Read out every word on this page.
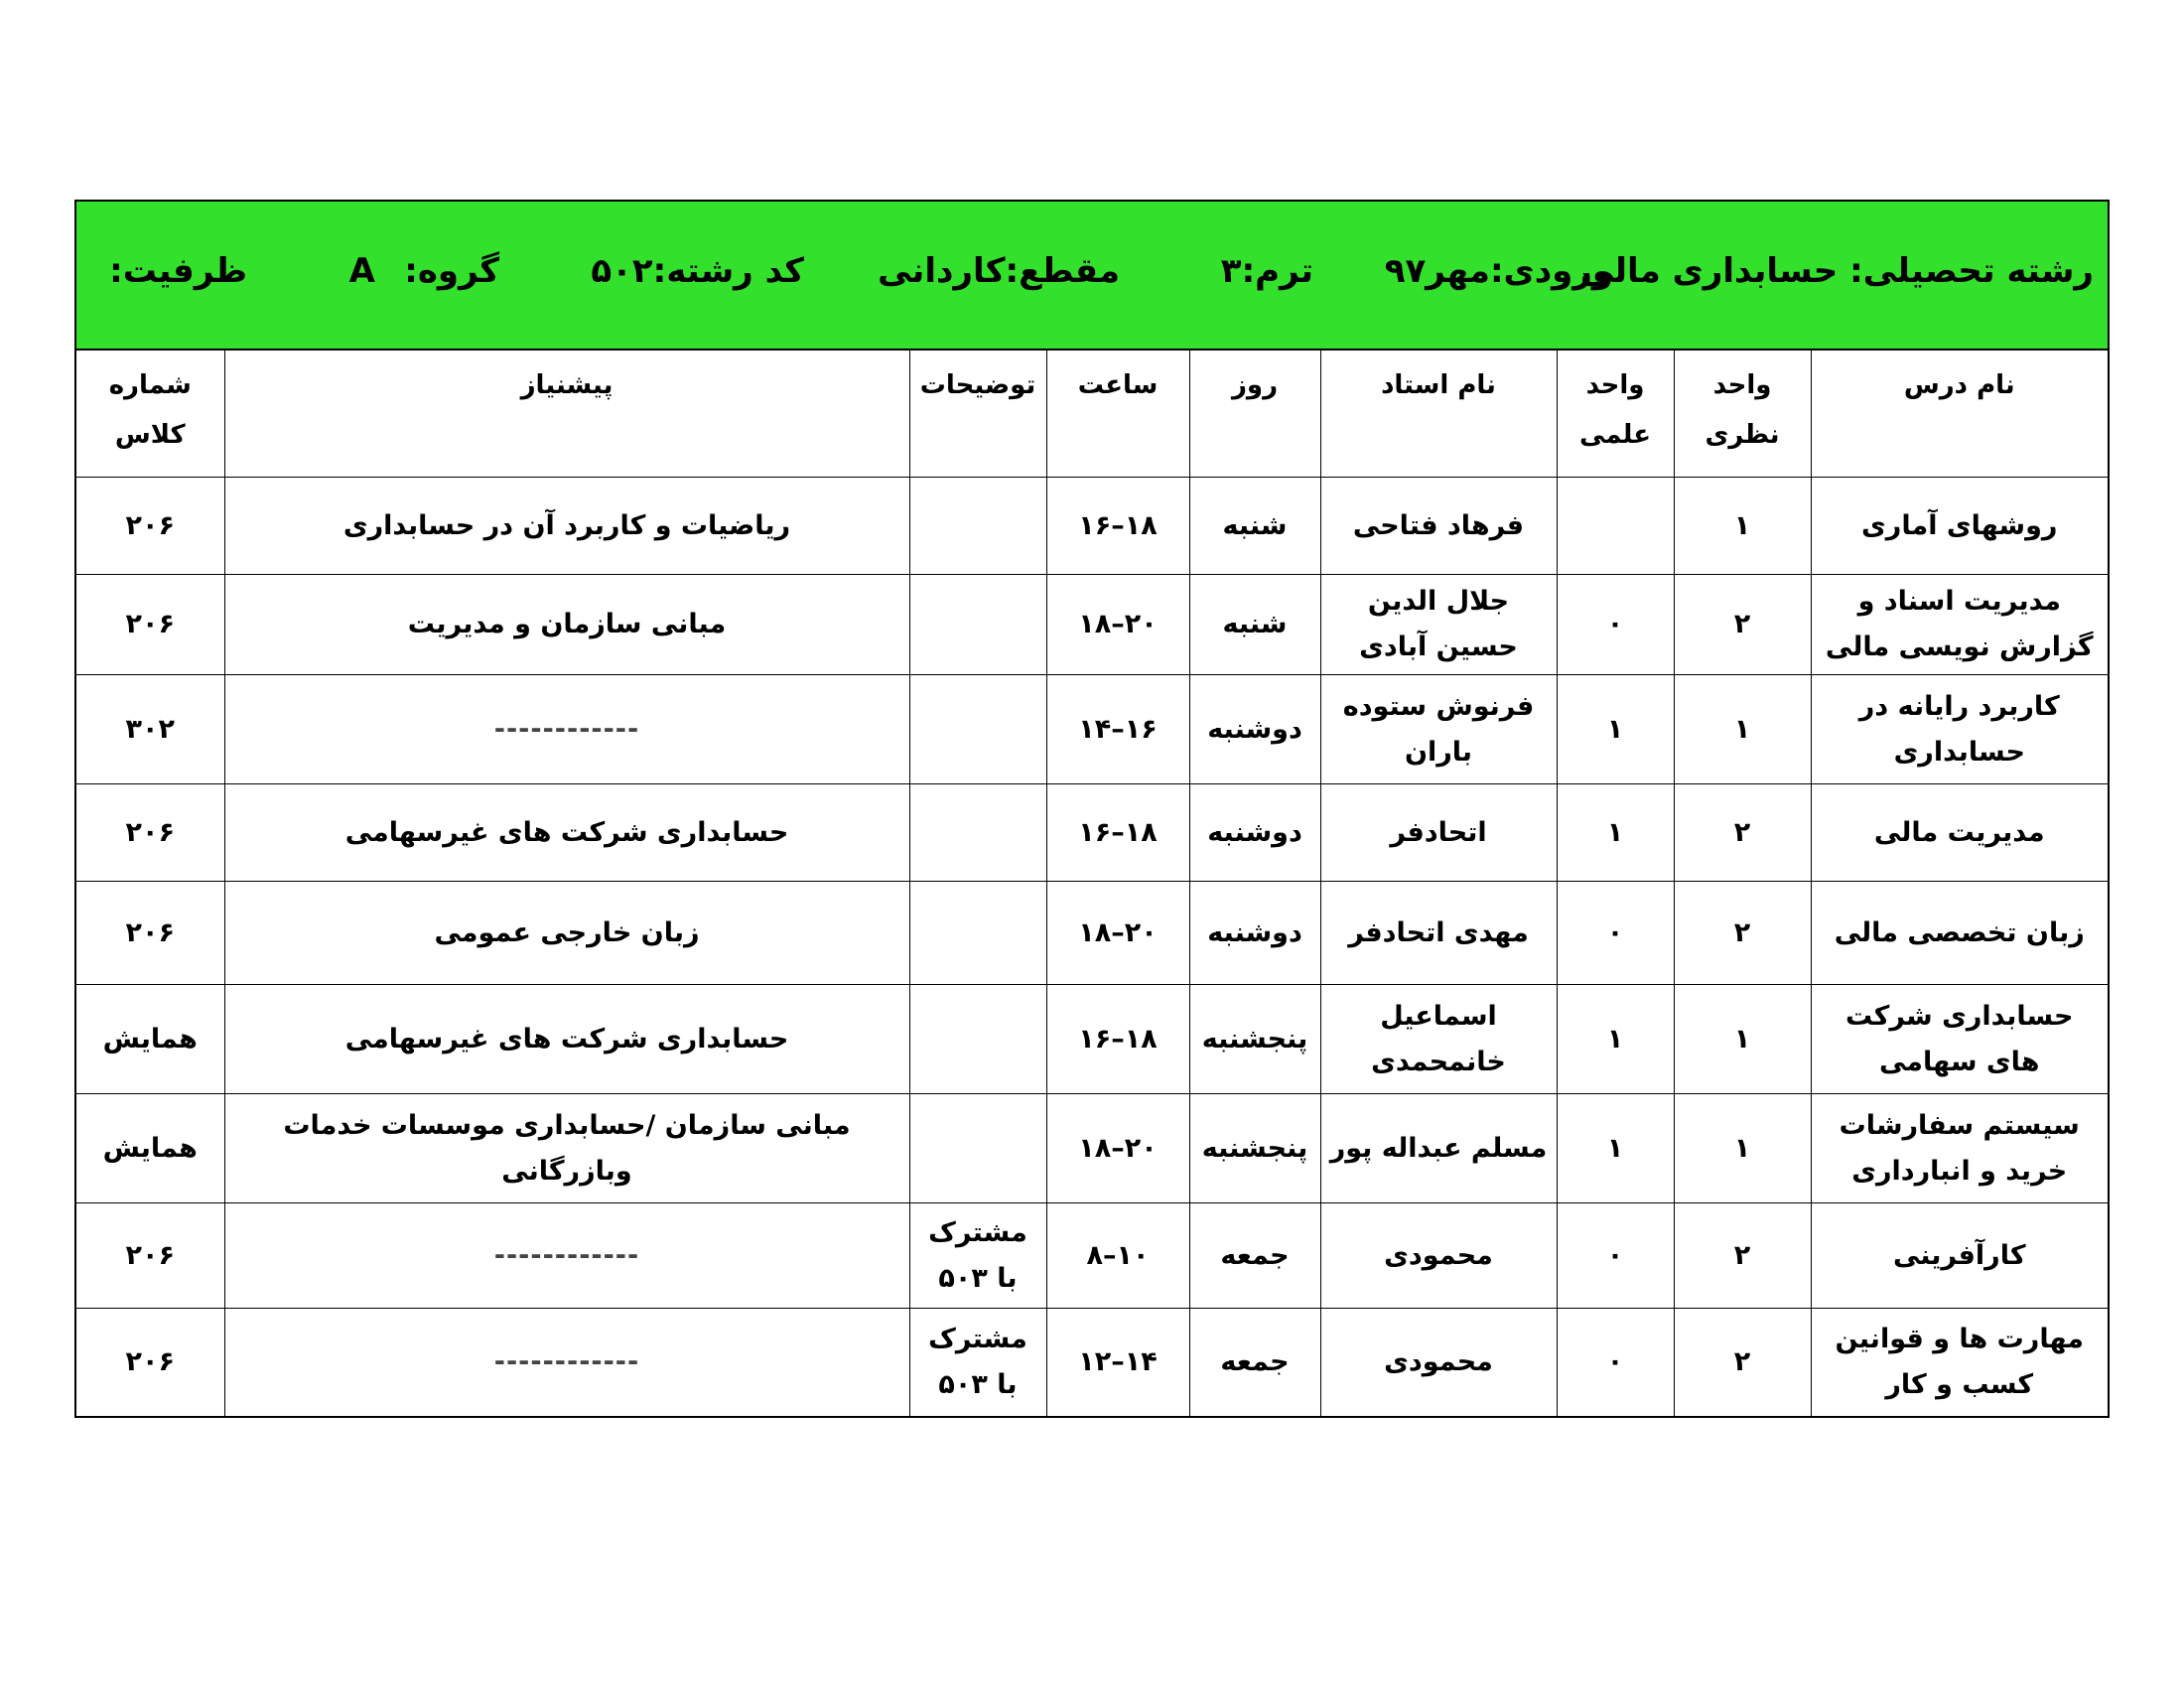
رشته تحصیلی: حسابداری مالی
ورودی:مهر۹۷
ترم:۳
مقطع:کاردانی
کد رشته:۵۰۲
گروه:
A
ظرفیت:
نام درس	واحد نظری	واحد علمی	نام استاد	روز	ساعت	توضیحات	پیشنیاز	شماره کلاس
روشهای آماری	۱		فرهاد فتاحی	شنبه	۱۸–۱۶		ریاضیات و کاربرد آن در حسابداری	۲۰۶
مدیریت اسناد و گزارش نویسی مالی	۲	۰	جلال الدین حسین آبادی	شنبه	۲۰–۱۸		مبانی سازمان و مدیریت	۲۰۶
کاربرد رایانه در حسابداری	۱	۱	فرنوش ستوده باران	دوشنبه	۱۶–۱۴		------------	۳۰۲
مدیریت مالی	۲	۱	اتحادفر	دوشنبه	۱۸–۱۶		حسابداری شرکت های غیرسهامی	۲۰۶
زبان تخصصی مالی	۲	۰	مهدی اتحادفر	دوشنبه	۲۰–۱۸		زبان خارجی عمومی	۲۰۶
حسابداری شرکت های سهامی	۱	۱	اسماعیل خانمحمدی	پنجشنبه	۱۸–۱۶		حسابداری شرکت های غیرسهامی	همایش
سیستم سفارشات خرید و انبارداری	۱	۱	مسلم عبداله پور	پنجشنبه	۲۰–۱۸		مبانی سازمان /حسابداری موسسات خدمات وبازرگانی	همایش
کارآفرینی	۲	۰	محمودی	جمعه	۱۰–۸	مشترک با ۵۰۳	------------	۲۰۶
مهارت ها و قوانین کسب و کار	۲	۰	محمودی	جمعه	۱۴–۱۲	مشترک با ۵۰۳	------------	۲۰۶
